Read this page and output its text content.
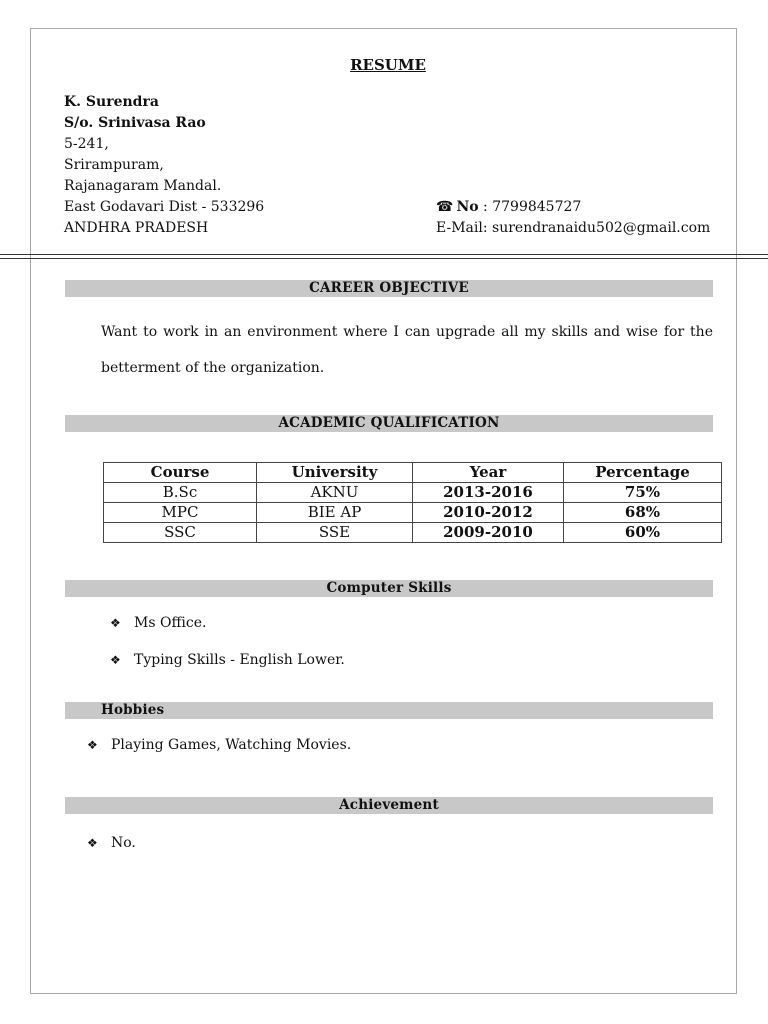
RESUME
K. Surendra
S/o. Srinivasa Rao
5-241,
Srirampuram,
Rajanagaram Mandal.
East Godavari Dist - 533296
ANDHRA PRADESH
☎ No : 7799845727
E-Mail: surendranaidu502@gmail.com
CAREER OBJECTIVE
Want to work in an environment where I can upgrade all my skills and wise for the betterment of the organization.
ACADEMIC QUALIFICATION
Course	University	Year	Percentage
B.Sc	AKNU	2013-2016	75%
MPC	BIE AP	2010-2012	68%
SSC	SSE	2009-2010	60%
Computer Skills
❖ Ms Office.
❖ Typing Skills - English Lower.
Hobbies
❖ Playing Games, Watching Movies.
Achievement
❖ No.
